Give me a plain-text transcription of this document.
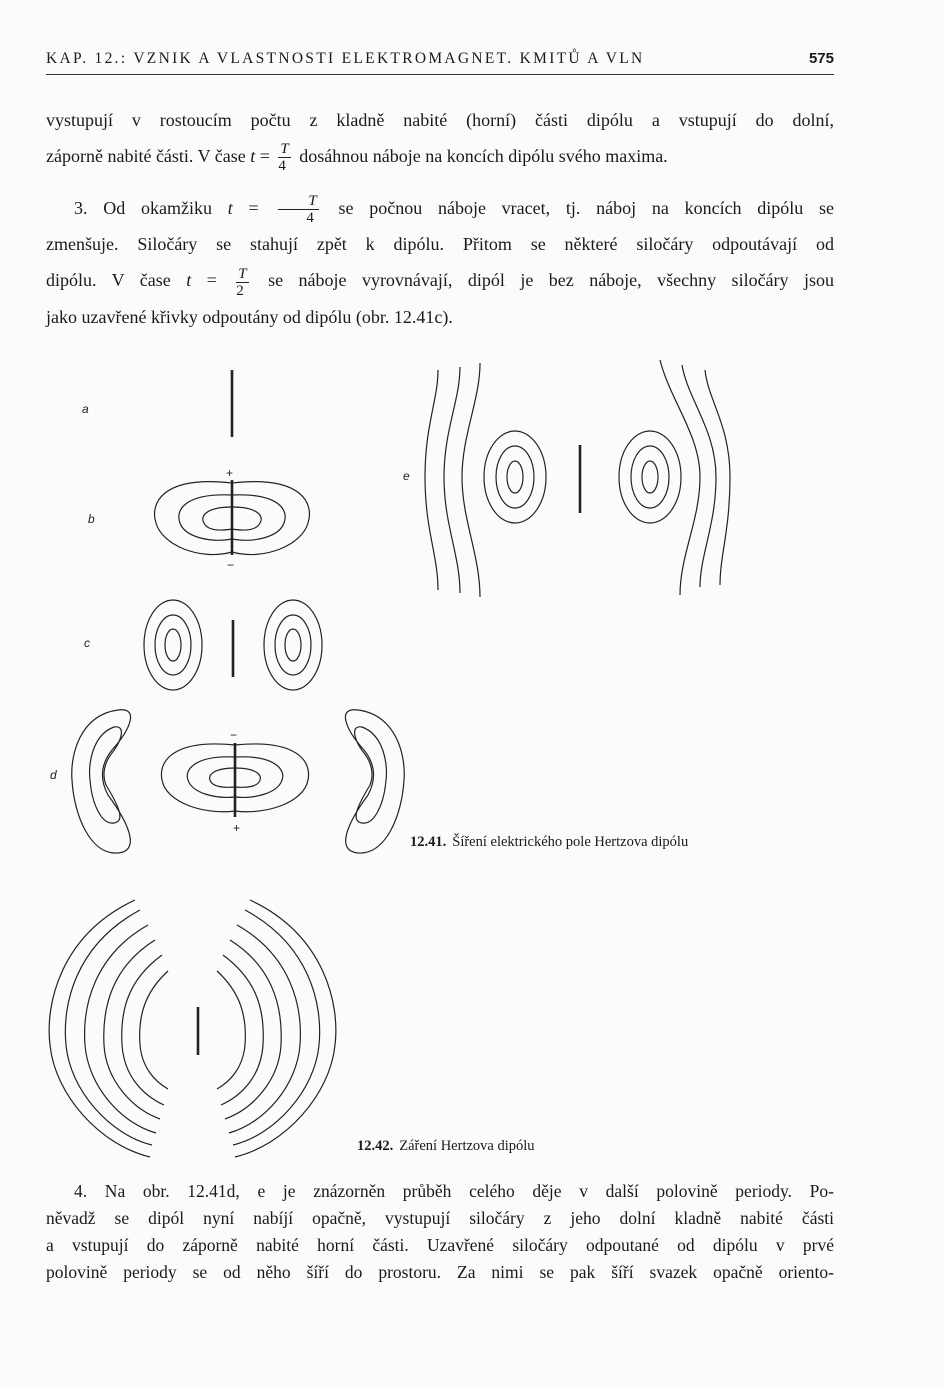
KAP. 12.: VZNIK A VLASTNOSTI ELEKTROMAGNET. KMITŮ A VLN	575
vystupují v rostoucím počtu z kladně nabité (horní) části dipólu a vstupují do dolní,
záporně nabité části. V čase $t = \frac{T}{4}$ dosáhnou náboje na koncích dipólu svého maxima.
3. Od okamžiku $t = \frac{T}{4}$ se počnou náboje vracet, tj. náboj na koncích dipólu se
zmenšuje. Siločáry se stahují zpět k dipólu. Přitom se některé siločáry odpoutávají od
dipólu. V čase $t = \frac{T}{2}$ se náboje vyrovnávají, dipól je bez náboje, všechny siločáry jsou
jako uzavřené křivky odpoutány od dipólu (obr. 12.41c).
a
b
+
−
c
d
−
+
e
12.41. Šíření elektrického pole Hertzova dipólu
12.42. Záření Hertzova dipólu
4. Na obr. 12.41d, e je znázorněn průběh celého děje v další polovině periody. Po-
něvadž se dipól nyní nabíjí opačně, vystupují siločáry z jeho dolní kladně nabité části
a vstupují do záporně nabité horní části. Uzavřené siločáry odpoutané od dipólu v prvé
polovině periody se od něho šíří do prostoru. Za nimi se pak šíří svazek opačně oriento-
